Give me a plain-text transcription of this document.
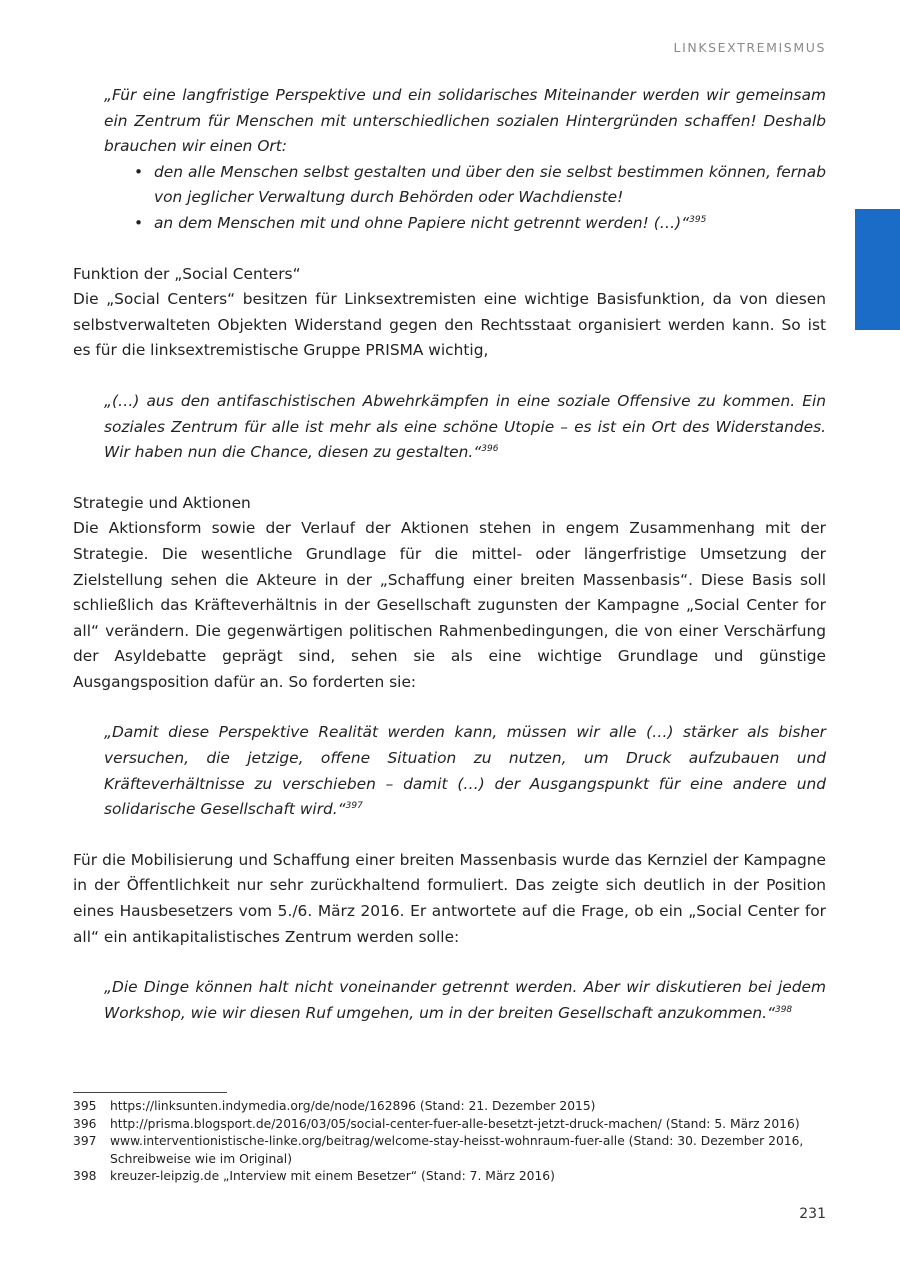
LINKSEXTREMISMUS

„Für eine langfristige Perspektive und ein solidarisches Miteinander werden wir gemeinsam ein Zentrum für Menschen mit unterschiedlichen sozialen Hintergründen schaffen! Deshalb brauchen wir einen Ort:

• den alle Menschen selbst gestalten und über den sie selbst bestimmen können, fernab von jeglicher Verwaltung durch Behörden oder Wachdienste!
• an dem Menschen mit und ohne Papiere nicht getrennt werden! (…)“$^{395}$

Funktion der „Social Centers“

Die „Social Centers“ besitzen für Linksextremisten eine wichtige Basisfunktion, da von diesen selbstverwalteten Objekten Widerstand gegen den Rechtsstaat organisiert werden kann. So ist es für die linksextremistische Gruppe PRISMA wichtig,

„(…) aus den antifaschistischen Abwehrkämpfen in eine soziale Offensive zu kommen. Ein soziales Zentrum für alle ist mehr als eine schöne Utopie – es ist ein Ort des Widerstandes. Wir haben nun die Chance, diesen zu gestalten.“$^{396}$

Strategie und Aktionen

Die Aktionsform sowie der Verlauf der Aktionen stehen in engem Zusammenhang mit der Strategie. Die wesentliche Grundlage für die mittel- oder längerfristige Umsetzung der Zielstellung sehen die Akteure in der „Schaffung einer breiten Massenbasis“. Diese Basis soll schließlich das Kräfteverhältnis in der Gesellschaft zugunsten der Kampagne „Social Center for all“ verändern. Die gegenwärtigen politischen Rahmenbedingungen, die von einer Verschärfung der Asyldebatte geprägt sind, sehen sie als eine wichtige Grundlage und günstige Ausgangsposition dafür an. So forderten sie:

„Damit diese Perspektive Realität werden kann, müssen wir alle (…) stärker als bisher versuchen, die jetzige, offene Situation zu nutzen, um Druck aufzubauen und Kräfteverhältnisse zu verschieben – damit (…) der Ausgangspunkt für eine andere und solidarische Gesellschaft wird.“$^{397}$

Für die Mobilisierung und Schaffung einer breiten Massenbasis wurde das Kernziel der Kampagne in der Öffentlichkeit nur sehr zurückhaltend formuliert. Das zeigte sich deutlich in der Position eines Hausbesetzers vom 5./6. März 2016. Er antwortete auf die Frage, ob ein „Social Center for all“ ein antikapitalistisches Zentrum werden solle:

„Die Dinge können halt nicht voneinander getrennt werden. Aber wir diskutieren bei jedem Workshop, wie wir diesen Ruf umgehen, um in der breiten Gesellschaft anzukommen.“$^{398}$

395	https://linksunten.indymedia.org/de/node/162896 (Stand: 21. Dezember 2015)
396	http://prisma.blogsport.de/2016/03/05/social-center-fuer-alle-besetzt-jetzt-druck-machen/ (Stand: 5. März 2016)
397	www.interventionistische-linke.org/beitrag/welcome-stay-heisst-wohnraum-fuer-alle (Stand: 30. Dezember 2016, Schreibweise wie im Original)
398	kreuzer-leipzig.de „Interview mit einem Besetzer“ (Stand: 7. März 2016)
231
